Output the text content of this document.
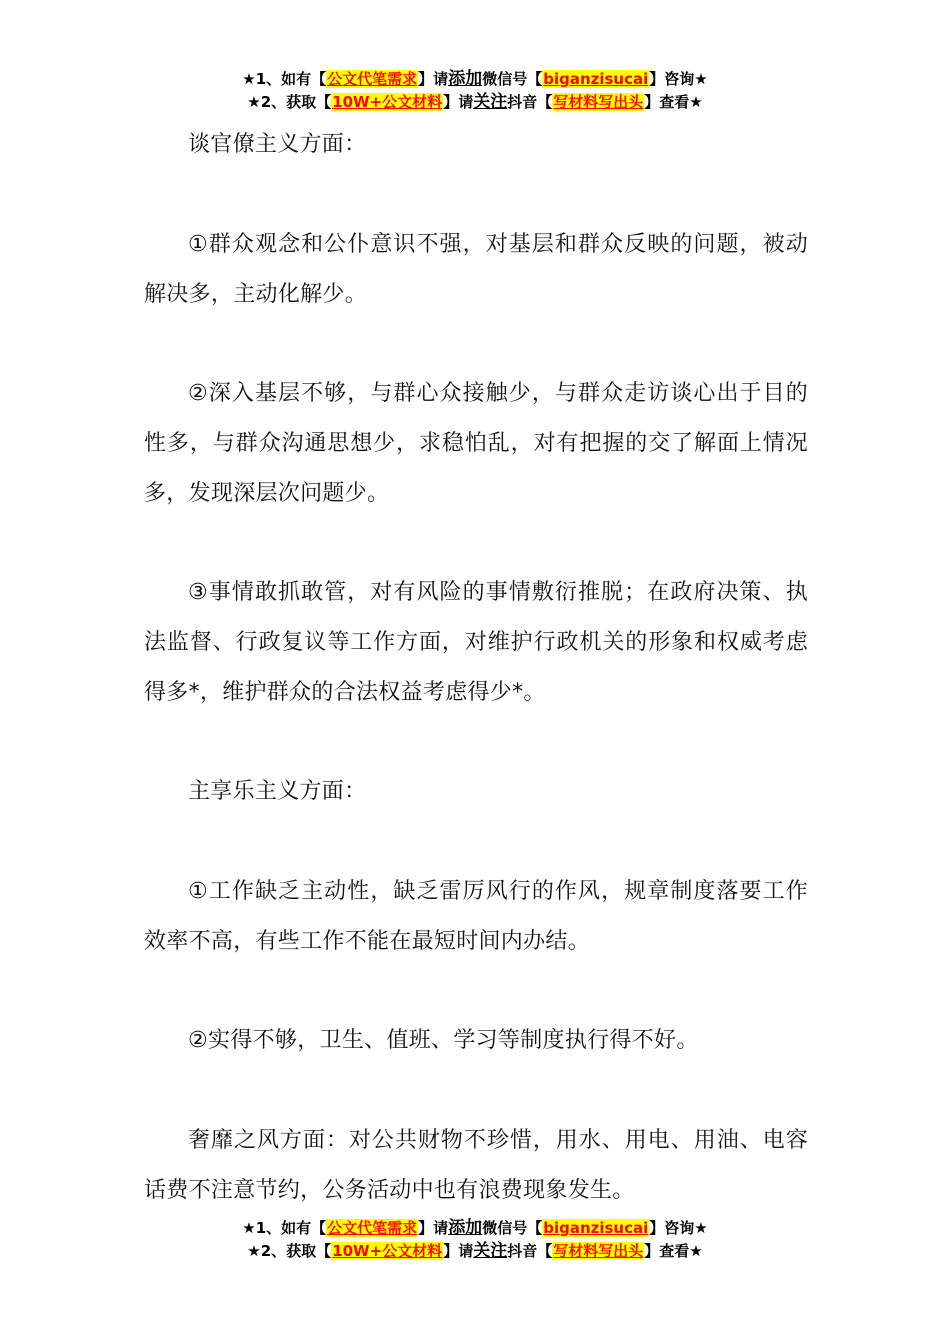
★1、如有【公文代笔需求】请添加微信号【biganzisucai】咨询★
★2、获取【10W+公文材料】请关注抖音【写材料写出头】查看★

谈官僚主义方面：

①群众观念和公仆意识不强，对基层和群众反映的问题，被动解决多，主动化解少。

②深入基层不够，与群心众接触少，与群众走访谈心出于目的性多，与群众沟通思想少，求稳怕乱，对有把握的交了解面上情况多，发现深层次问题少。

③事情敢抓敢管，对有风险的事情敷衍推脱；在政府决策、执法监督、行政复议等工作方面，对维护行政机关的形象和权威考虑得多*，维护群众的合法权益考虑得少*。

主享乐主义方面：

①工作缺乏主动性，缺乏雷厉风行的作风，规章制度落要工作效率不高，有些工作不能在最短时间内办结。

②实得不够，卫生、值班、学习等制度执行得不好。

奢靡之风方面：对公共财物不珍惜，用水、用电、用油、电容话费不注意节约，公务活动中也有浪费现象发生。

★1、如有【公文代笔需求】请添加微信号【biganzisucai】咨询★
★2、获取【10W+公文材料】请关注抖音【写材料写出头】查看★
